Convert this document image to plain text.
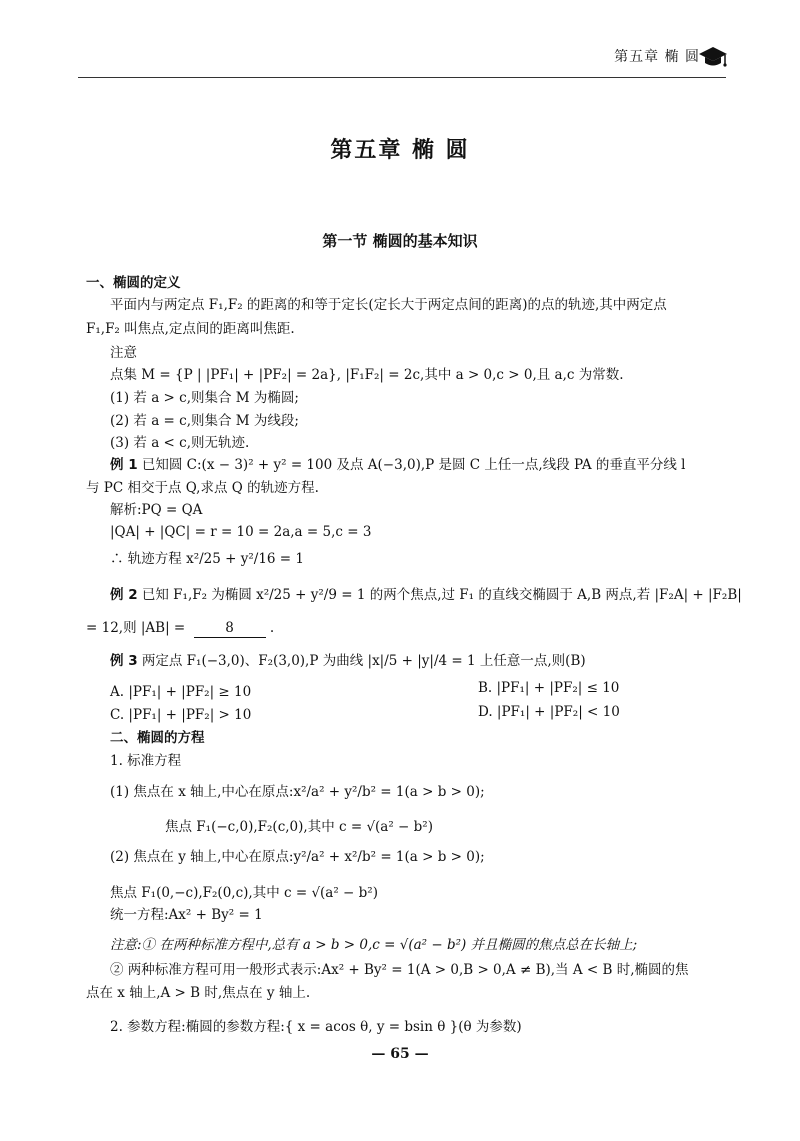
第五章 椭 圆
第五章 椭 圆
第一节 椭圆的基本知识
一、椭圆的定义
平面内与两定点 F₁,F₂ 的距离的和等于定长(定长大于两定点间的距离)的点的轨迹,其中两定点
F₁,F₂ 叫焦点,定点间的距离叫焦距.
注意
点集 M = {P | |PF₁| + |PF₂| = 2a}, |F₁F₂| = 2c,其中 a > 0,c > 0,且 a,c 为常数.
(1) 若 a > c,则集合 M 为椭圆;
(2) 若 a = c,则集合 M 为线段;
(3) 若 a < c,则无轨迹.
例 1 已知圆 C:(x − 3)² + y² = 100 及点 A(−3,0),P 是圆 C 上任一点,线段 PA 的垂直平分线 l
与 PC 相交于点 Q,求点 Q 的轨迹方程.
解析:PQ = QA
|QA| + |QC| = r = 10 = 2a,a = 5,c = 3
∴ 轨迹方程 x²/25 + y²/16 = 1
例 2 已知 F₁,F₂ 为椭圆 x²/25 + y²/9 = 1 的两个焦点,过 F₁ 的直线交椭圆于 A,B 两点,若 |F₂A| + |F₂B|
= 12,则 |AB| =	8	.
例 3 两定点 F₁(−3,0)、F₂(3,0),P 为曲线 |x|/5 + |y|/4 = 1 上任意一点,则(B)
A. |PF₁| + |PF₂| ≥ 10	B. |PF₁| + |PF₂| ≤ 10
C. |PF₁| + |PF₂| > 10	D. |PF₁| + |PF₂| < 10
二、椭圆的方程
1. 标准方程
(1) 焦点在 x 轴上,中心在原点:x²/a² + y²/b² = 1(a > b > 0);
焦点 F₁(−c,0),F₂(c,0),其中 c = √(a² − b²)
(2) 焦点在 y 轴上,中心在原点:y²/a² + x²/b² = 1(a > b > 0);
焦点 F₁(0,−c),F₂(0,c),其中 c = √(a² − b²)
统一方程:Ax² + By² = 1
注意:① 在两种标准方程中,总有 a > b > 0,c = √(a² − b²) 并且椭圆的焦点总在长轴上;
② 两种标准方程可用一般形式表示:Ax² + By² = 1(A > 0,B > 0,A ≠ B),当 A < B 时,椭圆的焦
点在 x 轴上,A > B 时,焦点在 y 轴上.
2. 参数方程:椭圆的参数方程:{ x = acos θ, y = bsin θ }(θ 为参数)
— 65 —
